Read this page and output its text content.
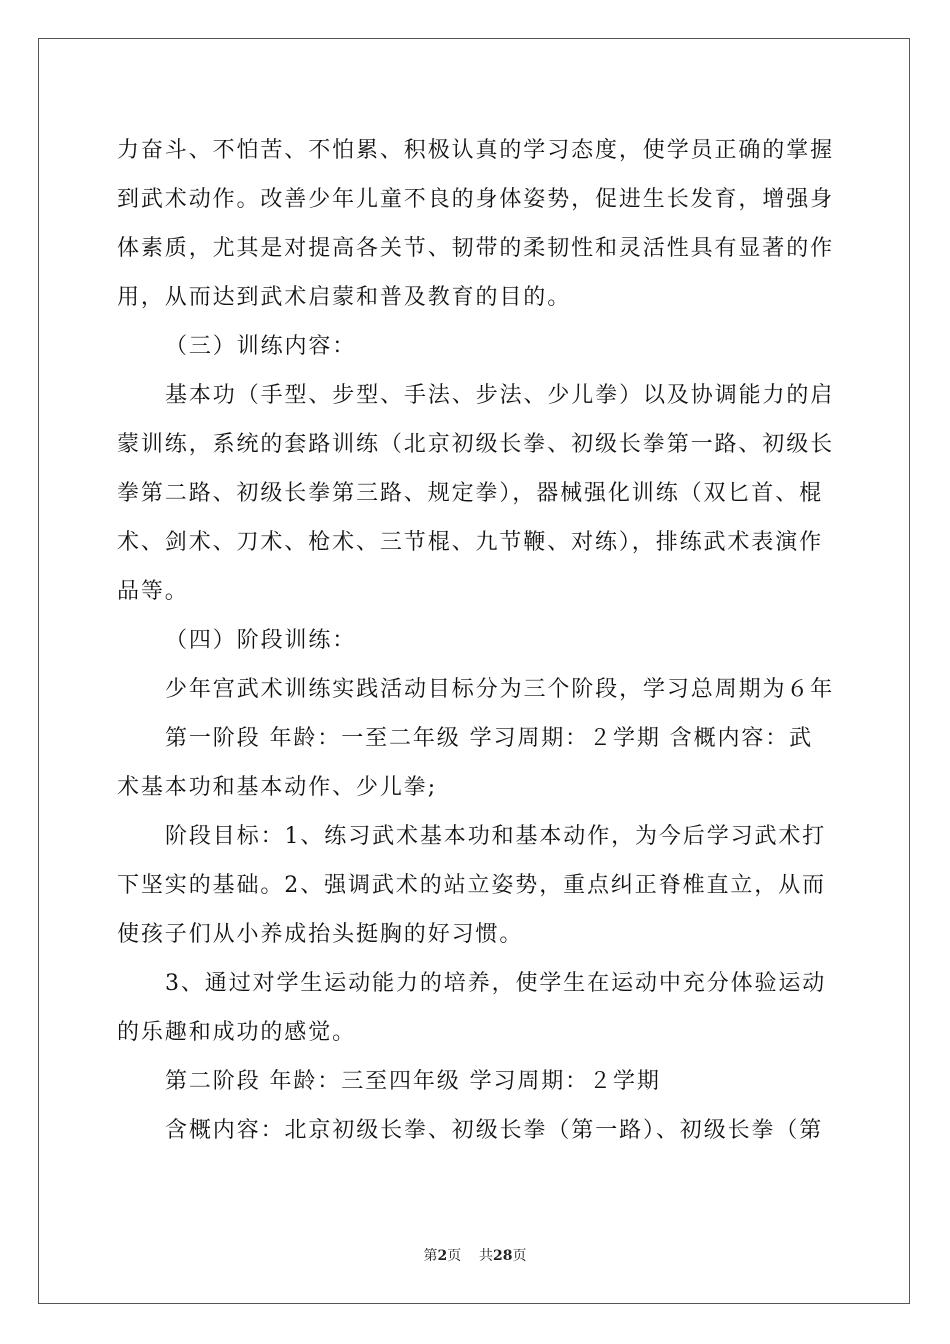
力奋斗、不怕苦、不怕累、积极认真的学习态度，使学员正确的掌握
到武术动作。改善少年儿童不良的身体姿势，促进生长发育，增强身
体素质，尤其是对提高各关节、韧带的柔韧性和灵活性具有显著的作
用，从而达到武术启蒙和普及教育的目的。
（三）训练内容：
基本功（手型、步型、手法、步法、少儿拳）以及协调能力的启
蒙训练，系统的套路训练（北京初级长拳、初级长拳第一路、初级长
拳第二路、初级长拳第三路、规定拳），器械强化训练（双匕首、棍
术、剑术、刀术、枪术、三节棍、九节鞭、对练），排练武术表演作
品等。
（四）阶段训练：
少年宫武术训练实践活动目标分为三个阶段，学习总周期为６年
第一阶段 年龄：一至二年级 学习周期：２学期 含概内容：武
术基本功和基本动作、少儿拳;
阶段目标：1、练习武术基本功和基本动作，为今后学习武术打
下坚实的基础。2、强调武术的站立姿势，重点纠正脊椎直立，从而
使孩子们从小养成抬头挺胸的好习惯。
3、通过对学生运动能力的培养，使学生在运动中充分体验运动
的乐趣和成功的感觉。
第二阶段 年龄：三至四年级 学习周期：２学期
含概内容：北京初级长拳、初级长拳（第一路）、初级长拳（第
第2页 共28页
